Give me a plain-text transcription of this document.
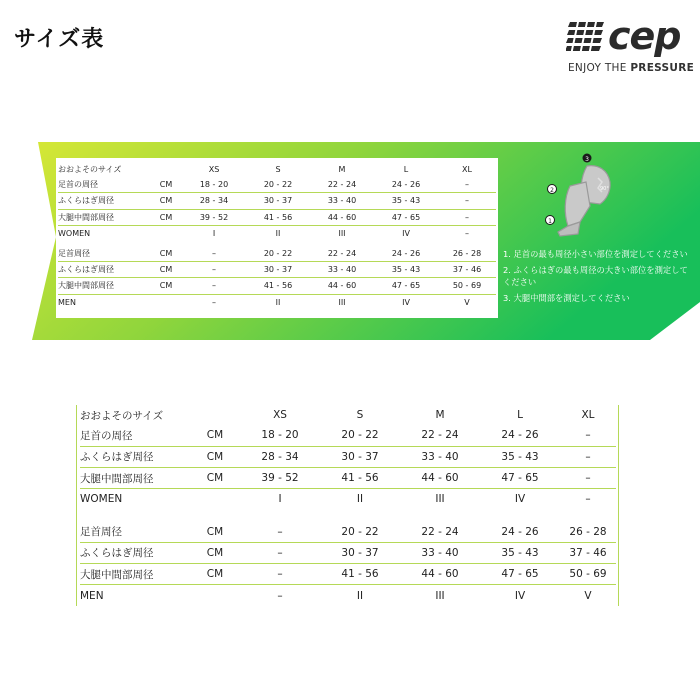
サイズ表	cep
ENJOY THE PRESSURE
おおよそのサイズ		XS	S	M	L	XL
足首の周径	CM	18 - 20	20 - 22	22 - 24	24 - 26	–
ふくらはぎ周径	CM	28 - 34	30 - 37	33 - 40	35 - 43	–
大腿中間部周径	CM	39 - 52	41 - 56	44 - 60	47 - 65	–
WOMEN		I	II	III	IV	–

足首周径	CM	–	20 - 22	22 - 24	24 - 26	26 - 28
ふくらはぎ周径	CM	–	30 - 37	33 - 40	35 - 43	37 - 46
大腿中間部周径	CM	–	41 - 56	44 - 60	47 - 65	50 - 69
MEN		–	II	III	IV	V
3
2
1
90°
1. 足首の最も周径小さい部位を測定してください
2. ふくらはぎの最も周径の大きい部位を測定してください
3. 大腿中間部を測定してください
おおよそのサイズ		XS	S	M	L	XL
足首の周径	CM	18 - 20	20 - 22	22 - 24	24 - 26	–
ふくらはぎ周径	CM	28 - 34	30 - 37	33 - 40	35 - 43	–
大腿中間部周径	CM	39 - 52	41 - 56	44 - 60	47 - 65	–
WOMEN		I	II	III	IV	–

足首周径	CM	–	20 - 22	22 - 24	24 - 26	26 - 28
ふくらはぎ周径	CM	–	30 - 37	33 - 40	35 - 43	37 - 46
大腿中間部周径	CM	–	41 - 56	44 - 60	47 - 65	50 - 69
MEN		–	II	III	IV	V
